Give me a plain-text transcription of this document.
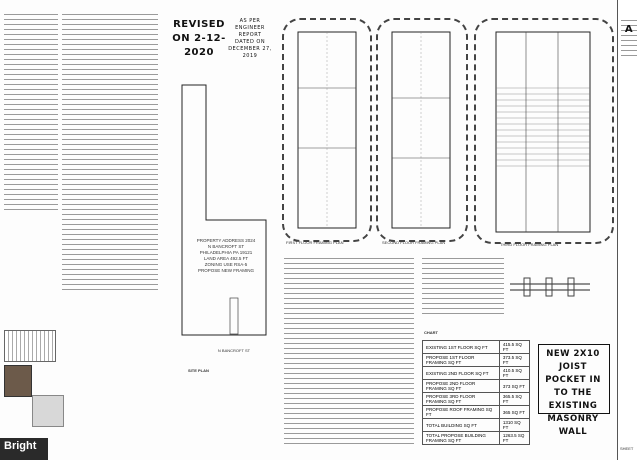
REVISED ON 2-12-2020
AS PER ENGINEER REPORT DATED ON DECEMBER 27, 2019
PROPERTY ADDRESS 2024 N BANCROFT ST PHILADELPHIA PA 19121 LAND AREA 492.5 FT ZONING USE RSA-5 PROPOSE NEW FRAMING
N BANCROFT ST
SITE PLAN
FIRST FLOOR FRAMING PLAN	SECOND FLOOR FRAMING PLAN	THIRD FLOOR FRAMING PLAN
EXISTING 1ST FLOOR SQ FT	415.5 SQ FT
PROPOSE 1ST FLOOR FRAMING SQ FT	373.5 SQ FT
EXISTING 2ND FLOOR SQ FT	410.5 SQ FT
PROPOSE 2ND FLOOR FRAMING SQ FT	373 SQ FT
PROPOSE 3RD FLOOR FRAMING SQ FT	365.5 SQ FT
PROPOSE ROOF FRAMING SQ FT	365 SQ FT
TOTAL BUILDING SQ FT	1310 SQ FT
TOTAL PROPOSE BUILDING FRAMING SQ FT	1263.5 SQ FT
CHART
NEW 2X10 JOIST POCKET IN TO THE EXISTING MASONRY WALL
A
SHEET
Bright
